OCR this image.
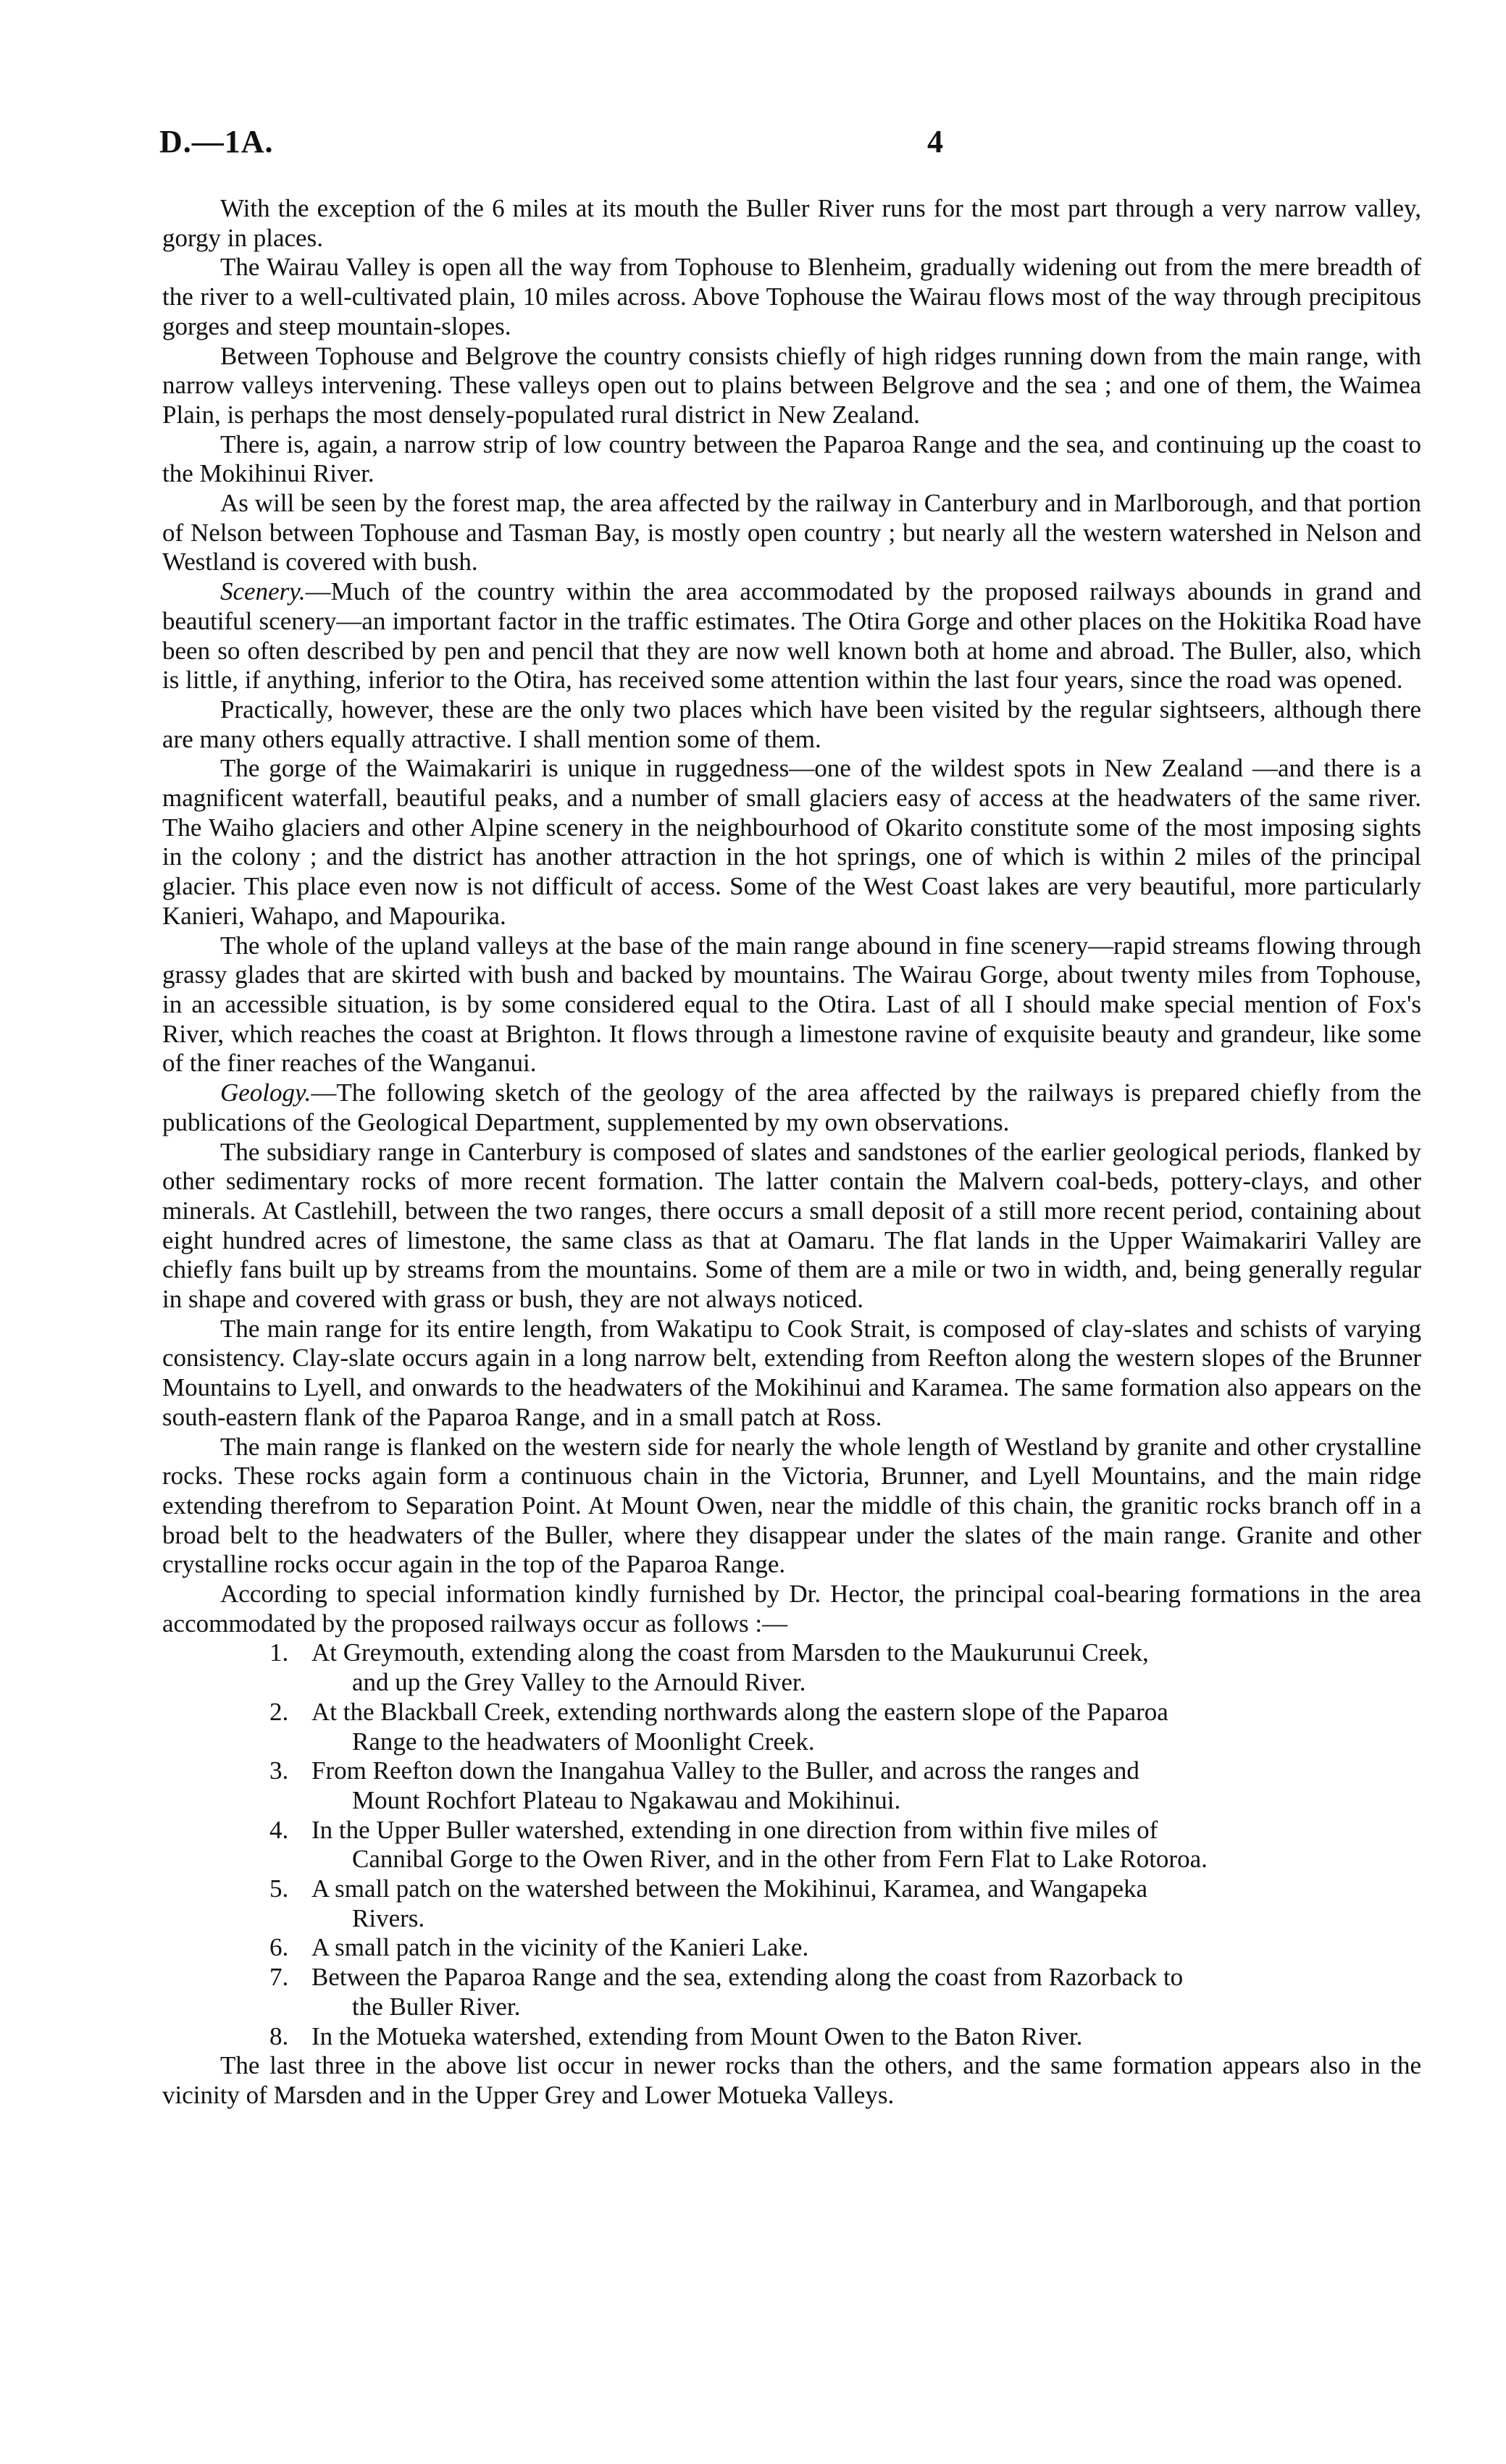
D.—1A.	4

With the exception of the 6 miles at its mouth the Buller River runs for the most part through a very narrow valley, gorgy in places.

The Wairau Valley is open all the way from Tophouse to Blenheim, gradually widening out from the mere breadth of the river to a well-cultivated plain, 10 miles across. Above Tophouse the Wairau flows most of the way through precipitous gorges and steep mountain-slopes.

Between Tophouse and Belgrove the country consists chiefly of high ridges running down from the main range, with narrow valleys intervening. These valleys open out to plains between Belgrove and the sea ; and one of them, the Waimea Plain, is perhaps the most densely-populated rural district in New Zealand.

There is, again, a narrow strip of low country between the Paparoa Range and the sea, and continuing up the coast to the Mokihinui River.

As will be seen by the forest map, the area affected by the railway in Canterbury and in Marlborough, and that portion of Nelson between Tophouse and Tasman Bay, is mostly open country ; but nearly all the western watershed in Nelson and Westland is covered with bush.

Scenery.—Much of the country within the area accommodated by the proposed railways abounds in grand and beautiful scenery—an important factor in the traffic estimates. The Otira Gorge and other places on the Hokitika Road have been so often described by pen and pencil that they are now well known both at home and abroad. The Buller, also, which is little, if anything, inferior to the Otira, has received some attention within the last four years, since the road was opened.

Practically, however, these are the only two places which have been visited by the regular sightseers, although there are many others equally attractive. I shall mention some of them.

The gorge of the Waimakariri is unique in ruggedness—one of the wildest spots in New Zealand —and there is a magnificent waterfall, beautiful peaks, and a number of small glaciers easy of access at the headwaters of the same river. The Waiho glaciers and other Alpine scenery in the neighbourhood of Okarito constitute some of the most imposing sights in the colony ; and the district has another attraction in the hot springs, one of which is within 2 miles of the principal glacier. This place even now is not difficult of access. Some of the West Coast lakes are very beautiful, more particularly Kanieri, Wahapo, and Mapourika.

The whole of the upland valleys at the base of the main range abound in fine scenery—rapid streams flowing through grassy glades that are skirted with bush and backed by mountains. The Wairau Gorge, about twenty miles from Tophouse, in an accessible situation, is by some considered equal to the Otira. Last of all I should make special mention of Fox's River, which reaches the coast at Brighton. It flows through a limestone ravine of exquisite beauty and grandeur, like some of the finer reaches of the Wanganui.

Geology.—The following sketch of the geology of the area affected by the railways is prepared chiefly from the publications of the Geological Department, supplemented by my own observations.

The subsidiary range in Canterbury is composed of slates and sandstones of the earlier geological periods, flanked by other sedimentary rocks of more recent formation. The latter contain the Malvern coal-beds, pottery-clays, and other minerals. At Castlehill, between the two ranges, there occurs a small deposit of a still more recent period, containing about eight hundred acres of limestone, the same class as that at Oamaru. The flat lands in the Upper Waimakariri Valley are chiefly fans built up by streams from the mountains. Some of them are a mile or two in width, and, being generally regular in shape and covered with grass or bush, they are not always noticed.

The main range for its entire length, from Wakatipu to Cook Strait, is composed of clay-slates and schists of varying consistency. Clay-slate occurs again in a long narrow belt, extending from Reefton along the western slopes of the Brunner Mountains to Lyell, and onwards to the headwaters of the Mokihinui and Karamea. The same formation also appears on the south-eastern flank of the Paparoa Range, and in a small patch at Ross.

The main range is flanked on the western side for nearly the whole length of Westland by granite and other crystalline rocks. These rocks again form a continuous chain in the Victoria, Brunner, and Lyell Mountains, and the main ridge extending therefrom to Separation Point. At Mount Owen, near the middle of this chain, the granitic rocks branch off in a broad belt to the headwaters of the Buller, where they disappear under the slates of the main range. Granite and other crystalline rocks occur again in the top of the Paparoa Range.

According to special information kindly furnished by Dr. Hector, the principal coal-bearing formations in the area accommodated by the proposed railways occur as follows :—

1. At Greymouth, extending along the coast from Marsden to the Maukurunui Creek,
and up the Grey Valley to the Arnould River.
2. At the Blackball Creek, extending northwards along the eastern slope of the Paparoa
Range to the headwaters of Moonlight Creek.
3. From Reefton down the Inangahua Valley to the Buller, and across the ranges and
Mount Rochfort Plateau to Ngakawau and Mokihinui.
4. In the Upper Buller watershed, extending in one direction from within five miles of
Cannibal Gorge to the Owen River, and in the other from Fern Flat to Lake Rotoroa.
5. A small patch on the watershed between the Mokihinui, Karamea, and Wangapeka
Rivers.
6. A small patch in the vicinity of the Kanieri Lake.
7. Between the Paparoa Range and the sea, extending along the coast from Razorback to
the Buller River.
8. In the Motueka watershed, extending from Mount Owen to the Baton River.

The last three in the above list occur in newer rocks than the others, and the same formation appears also in the vicinity of Marsden and in the Upper Grey and Lower Motueka Valleys.
